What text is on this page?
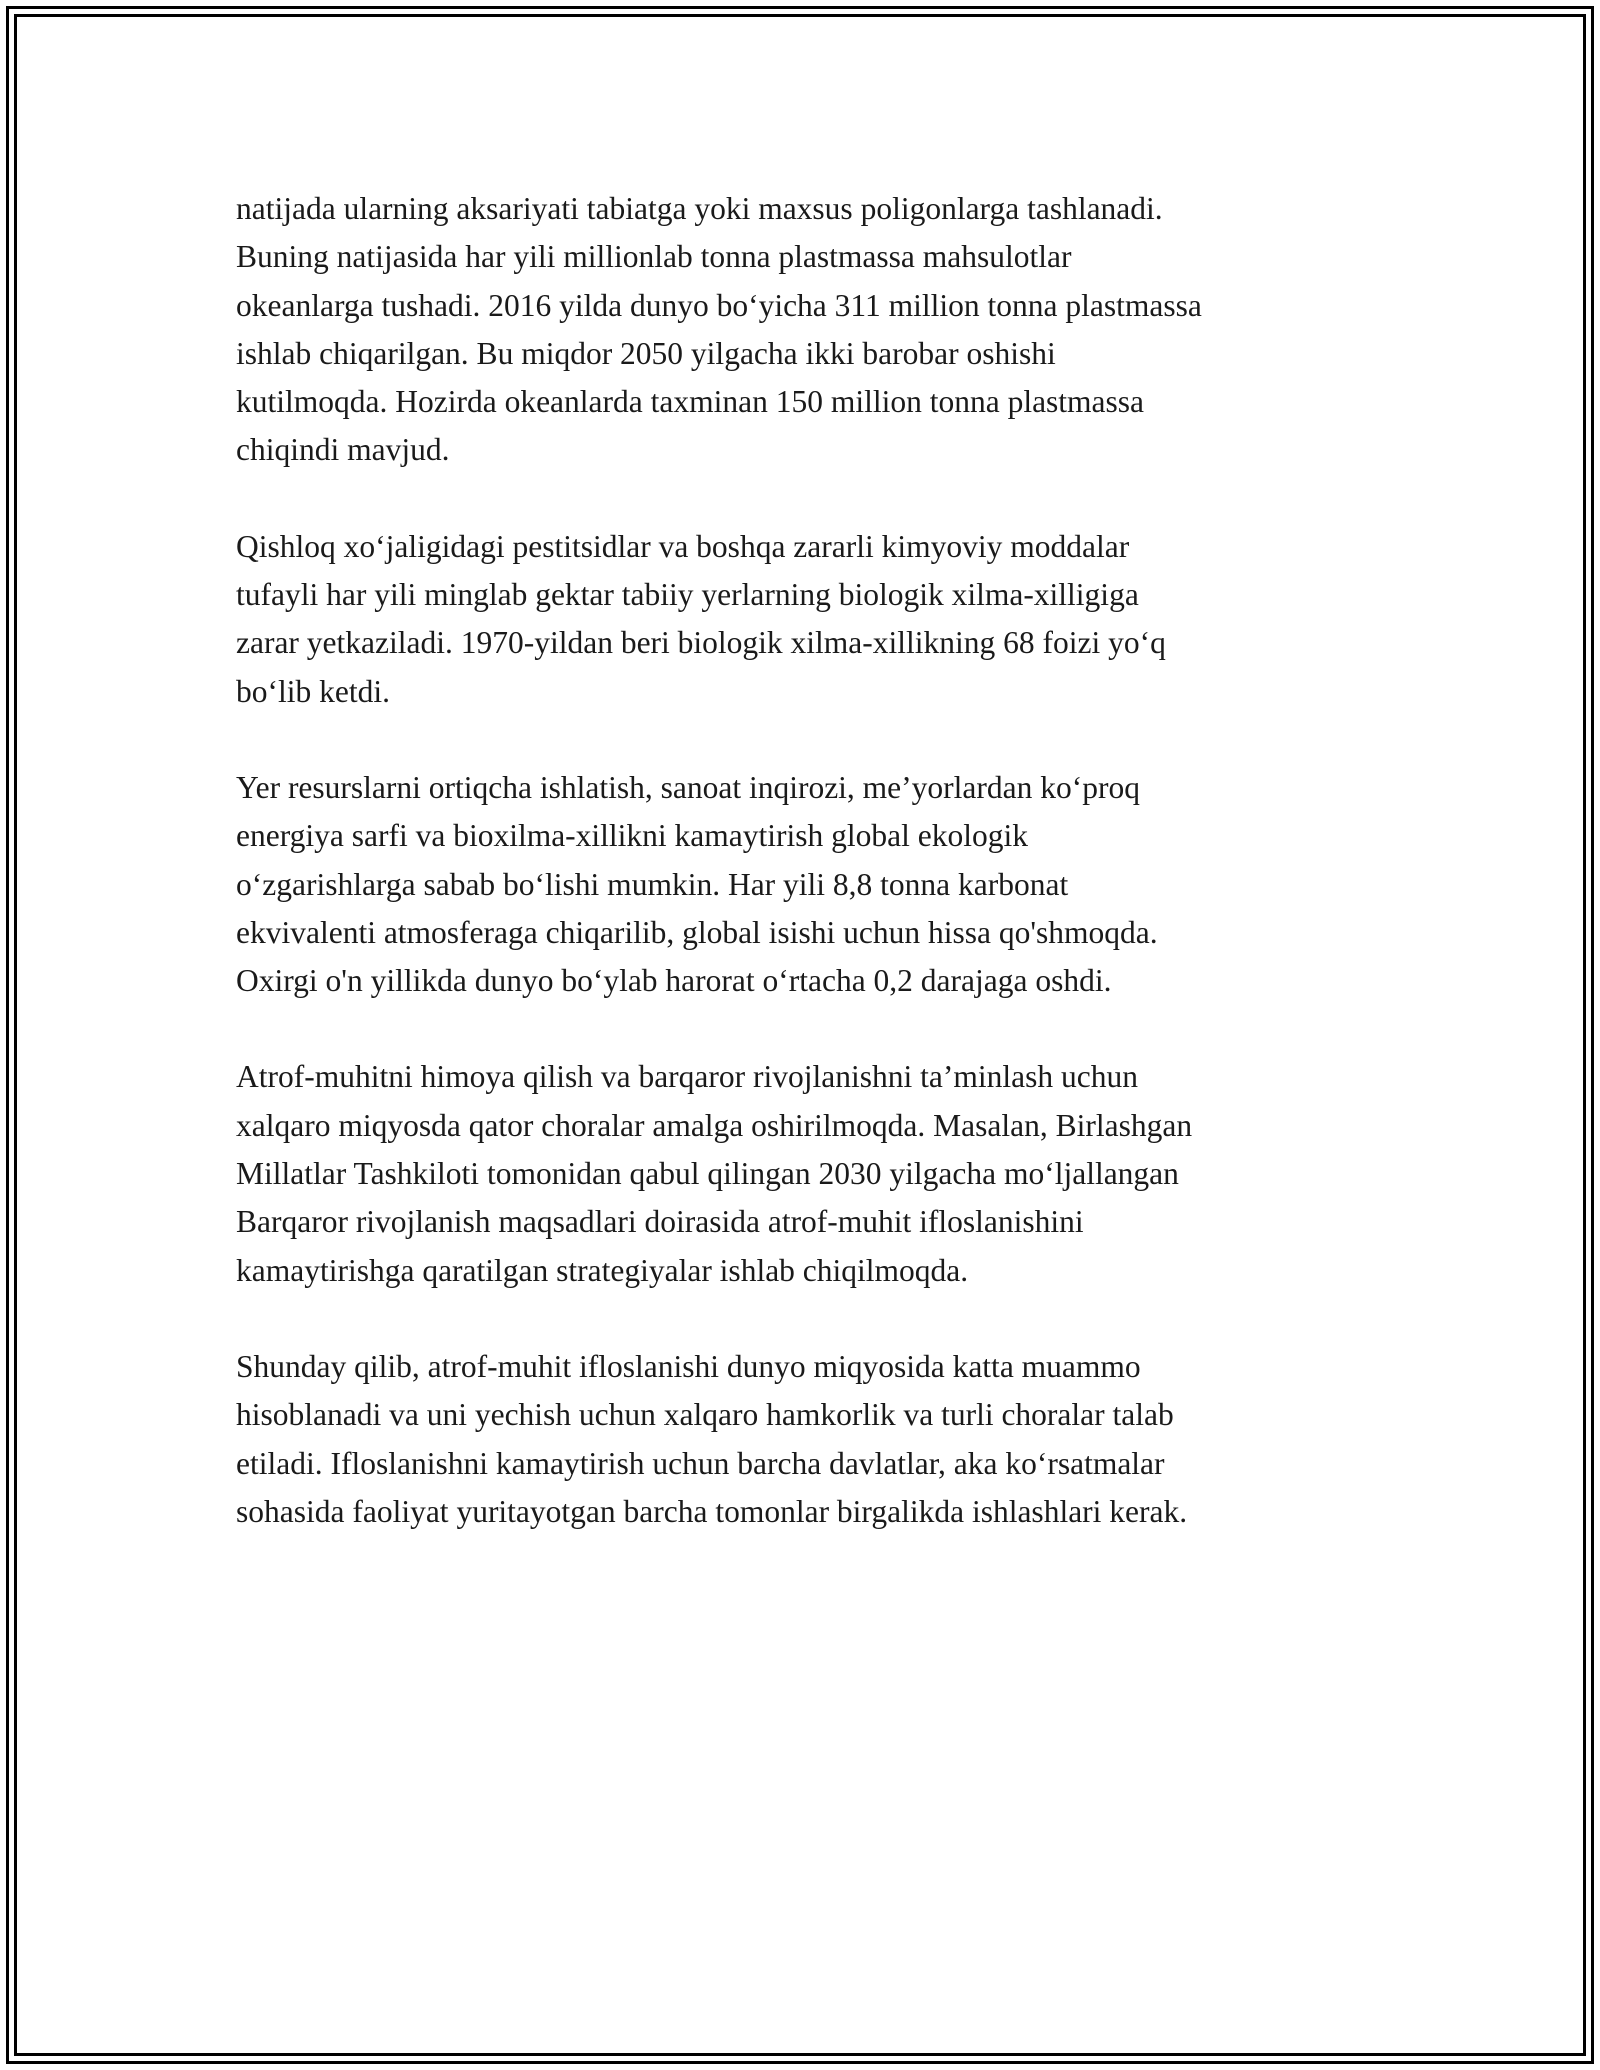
natijada ularning aksariyati tabiatga yoki maxsus poligonlarga tashlanadi.
Buning natijasida har yili millionlab tonna plastmassa mahsulotlar
okeanlarga tushadi. 2016 yilda dunyo bo‘yicha 311 million tonna plastmassa
ishlab chiqarilgan. Bu miqdor 2050 yilgacha ikki barobar oshishi
kutilmoqda. Hozirda okeanlarda taxminan 150 million tonna plastmassa
chiqindi mavjud.

Qishloq xo‘jaligidagi pestitsidlar va boshqa zararli kimyoviy moddalar
tufayli har yili minglab gektar tabiiy yerlarning biologik xilma-xilligiga
zarar yetkaziladi. 1970-yildan beri biologik xilma-xillikning 68 foizi yo‘q
bo‘lib ketdi.

Yer resurslarni ortiqcha ishlatish, sanoat inqirozi, me’yorlardan ko‘proq
energiya sarfi va bioxilma-xillikni kamaytirish global ekologik
o‘zgarishlarga sabab bo‘lishi mumkin. Har yili 8,8 tonna karbonat
ekvivalenti atmosferaga chiqarilib, global isishi uchun hissa qo'shmoqda.
Oxirgi o'n yillikda dunyo bo‘ylab harorat o‘rtacha 0,2 darajaga oshdi.

Atrof-muhitni himoya qilish va barqaror rivojlanishni ta’minlash uchun
xalqaro miqyosda qator choralar amalga oshirilmoqda. Masalan, Birlashgan
Millatlar Tashkiloti tomonidan qabul qilingan 2030 yilgacha mo‘ljallangan
Barqaror rivojlanish maqsadlari doirasida atrof-muhit ifloslanishini
kamaytirishga qaratilgan strategiyalar ishlab chiqilmoqda.

Shunday qilib, atrof-muhit ifloslanishi dunyo miqyosida katta muammo
hisoblanadi va uni yechish uchun xalqaro hamkorlik va turli choralar talab
etiladi. Ifloslanishni kamaytirish uchun barcha davlatlar, aka ko‘rsatmalar
sohasida faoliyat yuritayotgan barcha tomonlar birgalikda ishlashlari kerak.
